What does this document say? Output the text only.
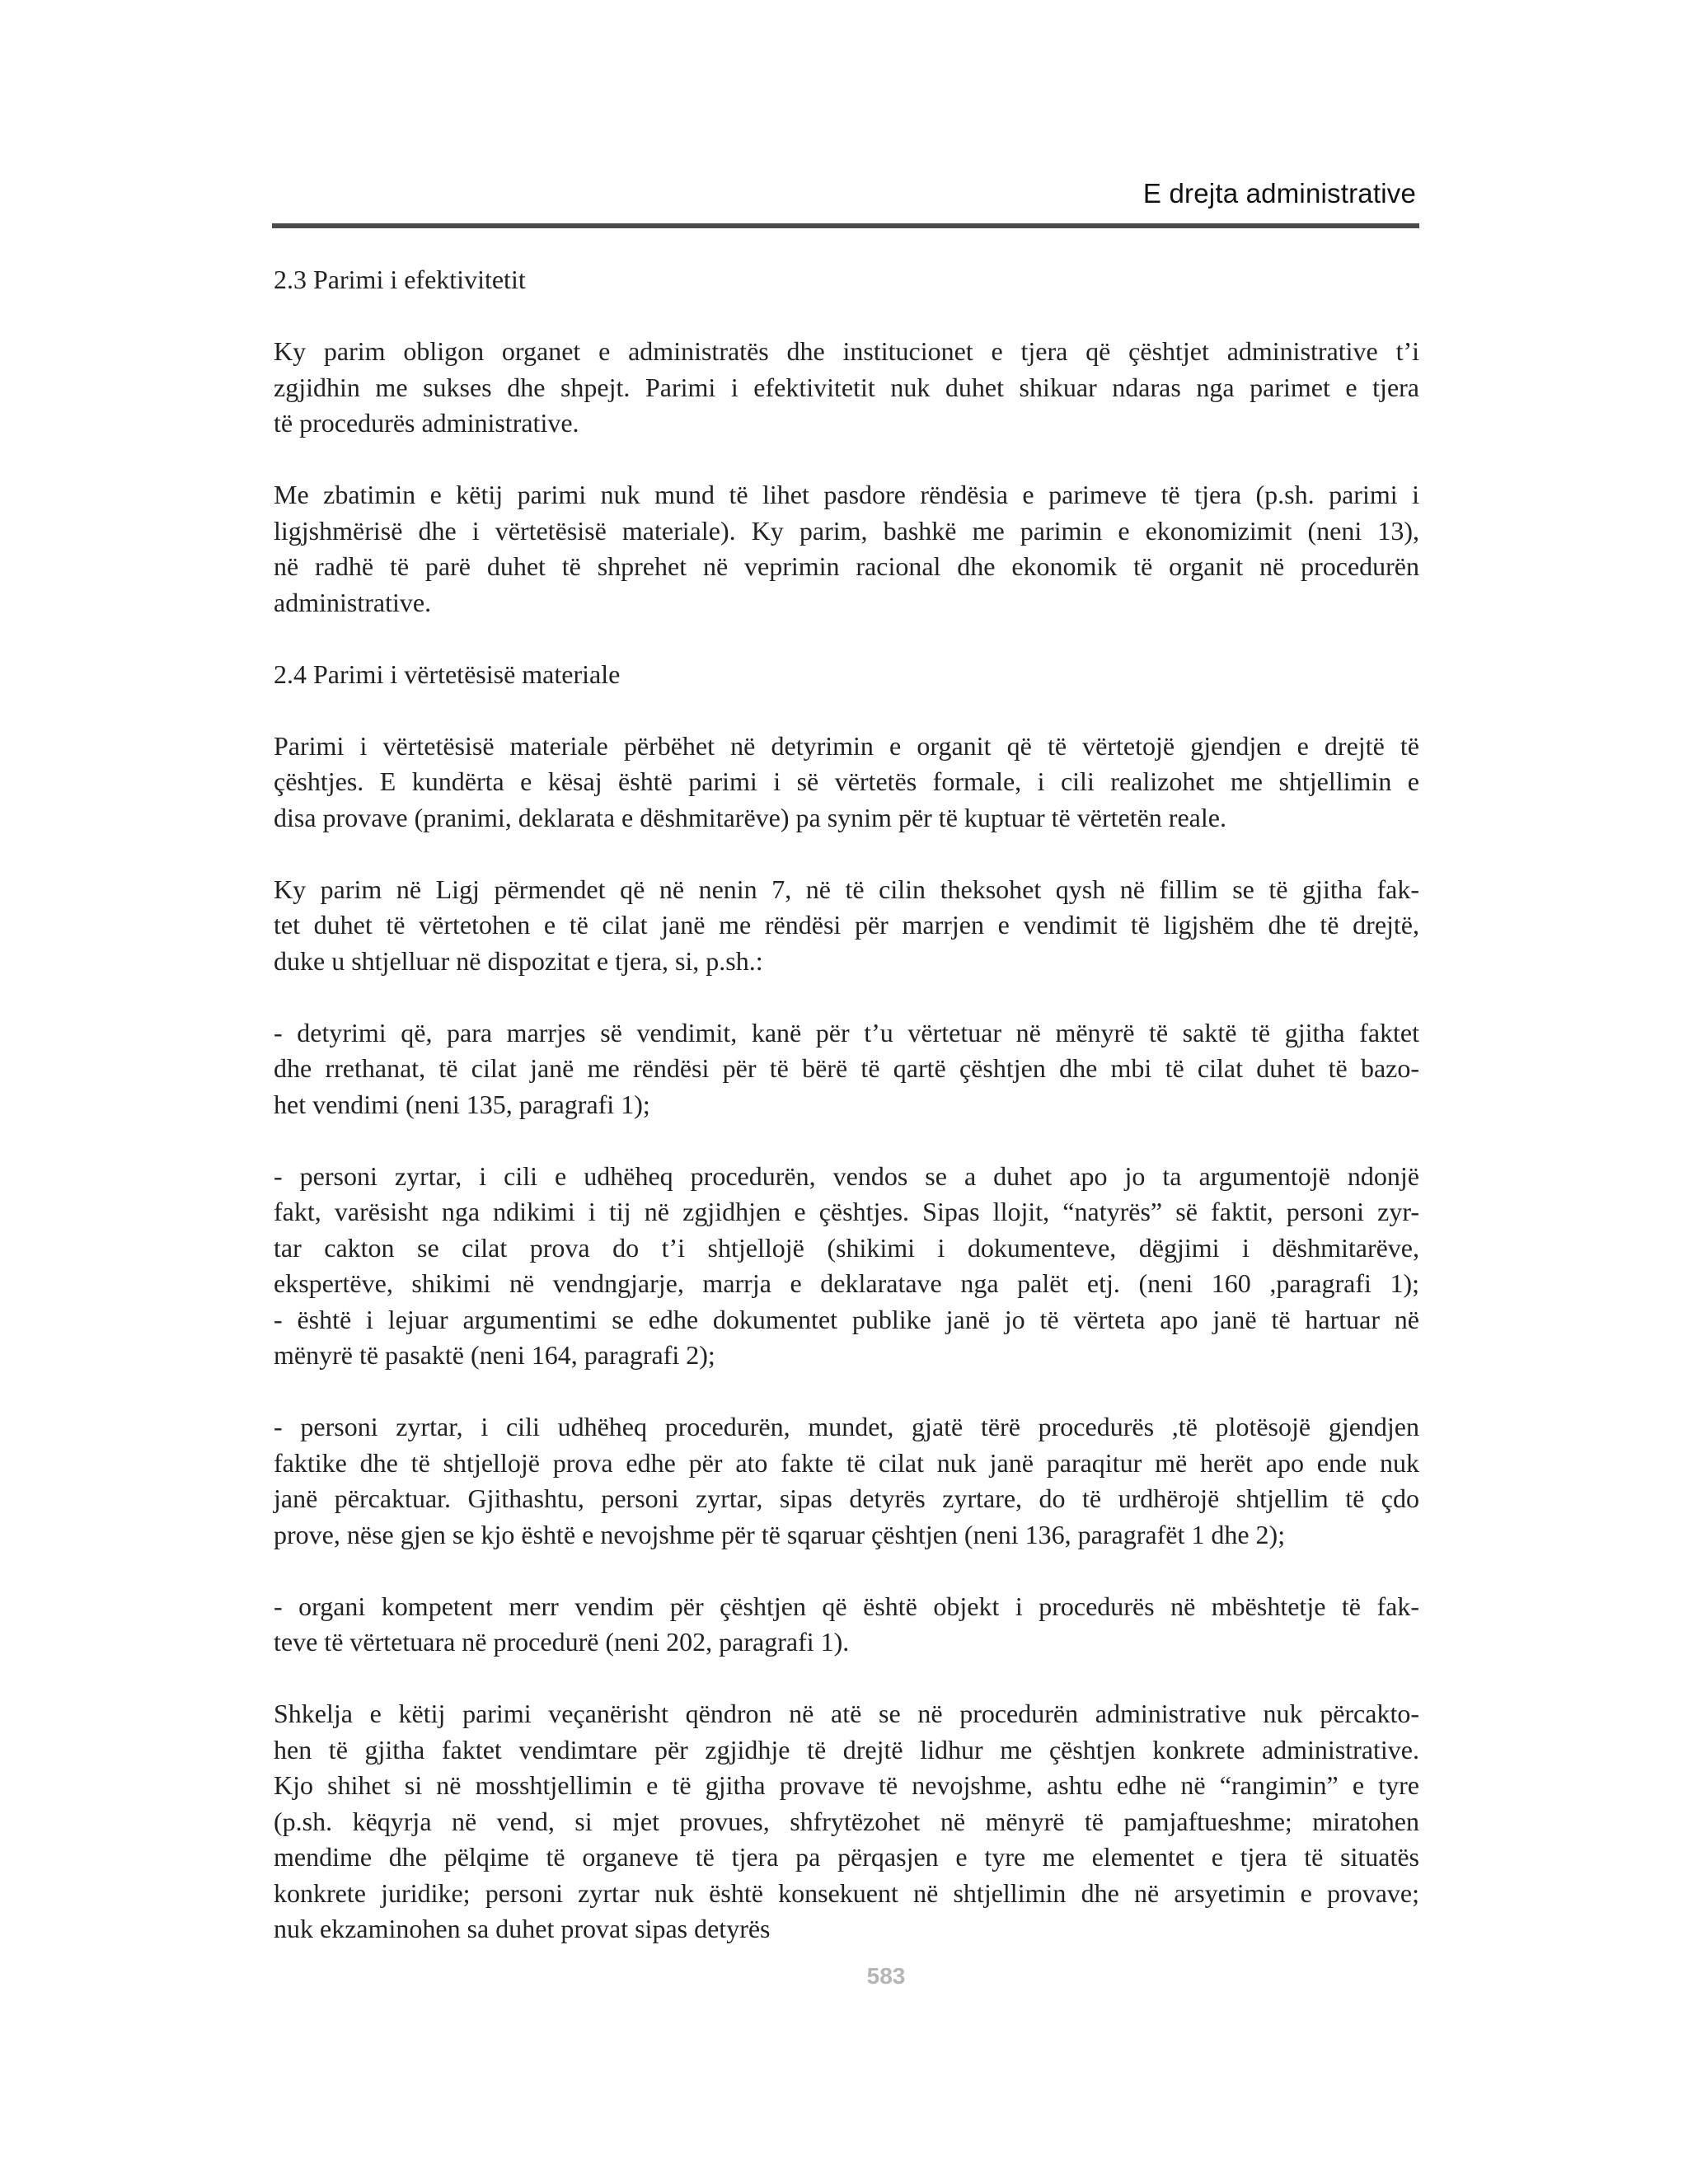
E drejta administrative

2.3 Parimi i efektivitetit

Ky parim obligon organet e administratës dhe institucionet e tjera që çështjet administrative t’i
zgjidhin me sukses dhe shpejt. Parimi i efektivitetit nuk duhet shikuar ndaras nga parimet e tjera
të procedurës administrative.

Me zbatimin e këtij parimi nuk mund të lihet pasdore rëndësia e parimeve të tjera (p.sh. parimi i
ligjshmërisë dhe i vërtetësisë materiale). Ky parim, bashkë me parimin e ekonomizimit (neni 13),
në radhë të parë duhet të shprehet në veprimin racional dhe ekonomik të organit në procedurën
administrative.

2.4 Parimi i vërtetësisë materiale

Parimi i vërtetësisë materiale përbëhet në detyrimin e organit që të vërtetojë gjendjen e drejtë të
çështjes. E kundërta e kësaj është parimi i së vërtetës formale, i cili realizohet me shtjellimin e
disa provave (pranimi, deklarata e dëshmitarëve) pa synim për të kuptuar të vërtetën reale.

Ky parim në Ligj përmendet që në nenin 7, në të cilin theksohet qysh në fillim se të gjitha fak-
tet duhet të vërtetohen e të cilat janë me rëndësi për marrjen e vendimit të ligjshëm dhe të drejtë,
duke u shtjelluar në dispozitat e tjera, si, p.sh.:

- detyrimi që, para marrjes së vendimit, kanë për t’u vërtetuar në mënyrë të saktë të gjitha faktet
dhe rrethanat, të cilat janë me rëndësi për të bërë të qartë çështjen dhe mbi të cilat duhet të bazo-
het vendimi (neni 135, paragrafi 1);

- personi zyrtar, i cili e udhëheq procedurën, vendos se a duhet apo jo ta argumentojë ndonjë
fakt, varësisht nga ndikimi i tij në zgjidhjen e çështjes. Sipas llojit, “natyrës” së faktit, personi zyr-
tar cakton se cilat prova do t’i shtjellojë (shikimi i dokumenteve, dëgjimi i dëshmitarëve,
ekspertëve, shikimi në vendngjarje, marrja e deklaratave nga palët etj. (neni 160 ,paragrafi 1);
- është i lejuar argumentimi se edhe dokumentet publike janë jo të vërteta apo janë të hartuar në
mënyrë të pasaktë (neni 164, paragrafi 2);

- personi zyrtar, i cili udhëheq procedurën, mundet, gjatë tërë procedurës ,të plotësojë gjendjen
faktike dhe të shtjellojë prova edhe për ato fakte të cilat nuk janë paraqitur më herët apo ende nuk
janë përcaktuar. Gjithashtu, personi zyrtar, sipas detyrës zyrtare, do të urdhërojë shtjellim të çdo
prove, nëse gjen se kjo është e nevojshme për të sqaruar çështjen (neni 136, paragrafët 1 dhe 2);

- organi kompetent merr vendim për çështjen që është objekt i procedurës në mbështetje të fak-
teve të vërtetuara në procedurë (neni 202, paragrafi 1).

Shkelja e këtij parimi veçanërisht qëndron në atë se në procedurën administrative nuk përcakto-
hen të gjitha faktet vendimtare për zgjidhje të drejtë lidhur me çështjen konkrete administrative.
Kjo shihet si në mosshtjellimin e të gjitha provave të nevojshme, ashtu edhe në “rangimin” e tyre
(p.sh. këqyrja në vend, si mjet provues, shfrytëzohet në mënyrë të pamjaftueshme; miratohen
mendime dhe pëlqime të organeve të tjera pa përqasjen e tyre me elementet e tjera të situatës
konkrete juridike; personi zyrtar nuk është konsekuent në shtjellimin dhe në arsyetimin e provave;
nuk ekzaminohen sa duhet provat sipas detyrës

583
